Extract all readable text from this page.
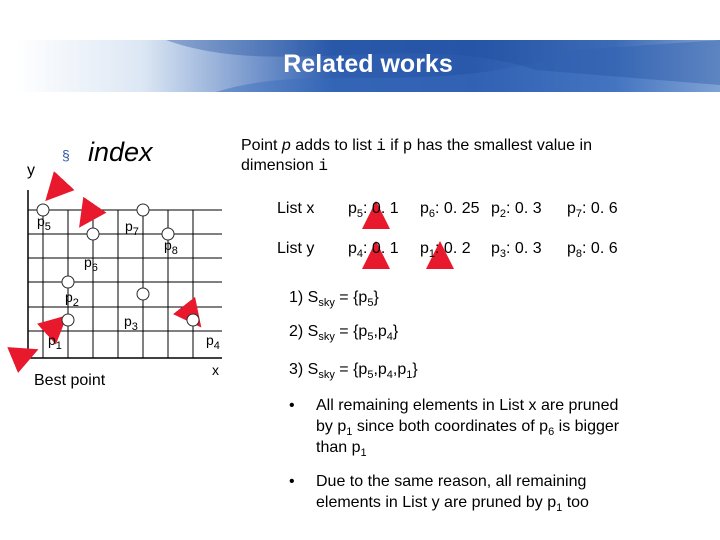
Related works
y
x
$p_5$	$p_7$
$p_8$
$p_6$
$p_2$
$p_3$
$p_1$	$p_4$
Best point
§ index	Point p adds to list i if p has the smallest value in
dimension i
List x $p_5$: 0. 1 $p_6$: 0. 25 $p_2$: 0. 3 $p_7$: 0. 6
List y $p_4$: 0. 1 $p_1$: 0. 2 $p_3$: 0. 3 $p_8$: 0. 6
1) $S_{sky} = \{p_5\}$
2) $S_{sky} = \{p_5,p_4\}$
3) $S_{sky} = \{p_5,p_4,p_1\}$
• All remaining elements in List x are pruned
by $p_1$ since both coordinates of $p_6$ is bigger
than $p_1$
• Due to the same reason, all remaining
elements in List y are pruned by $p_1$ too
